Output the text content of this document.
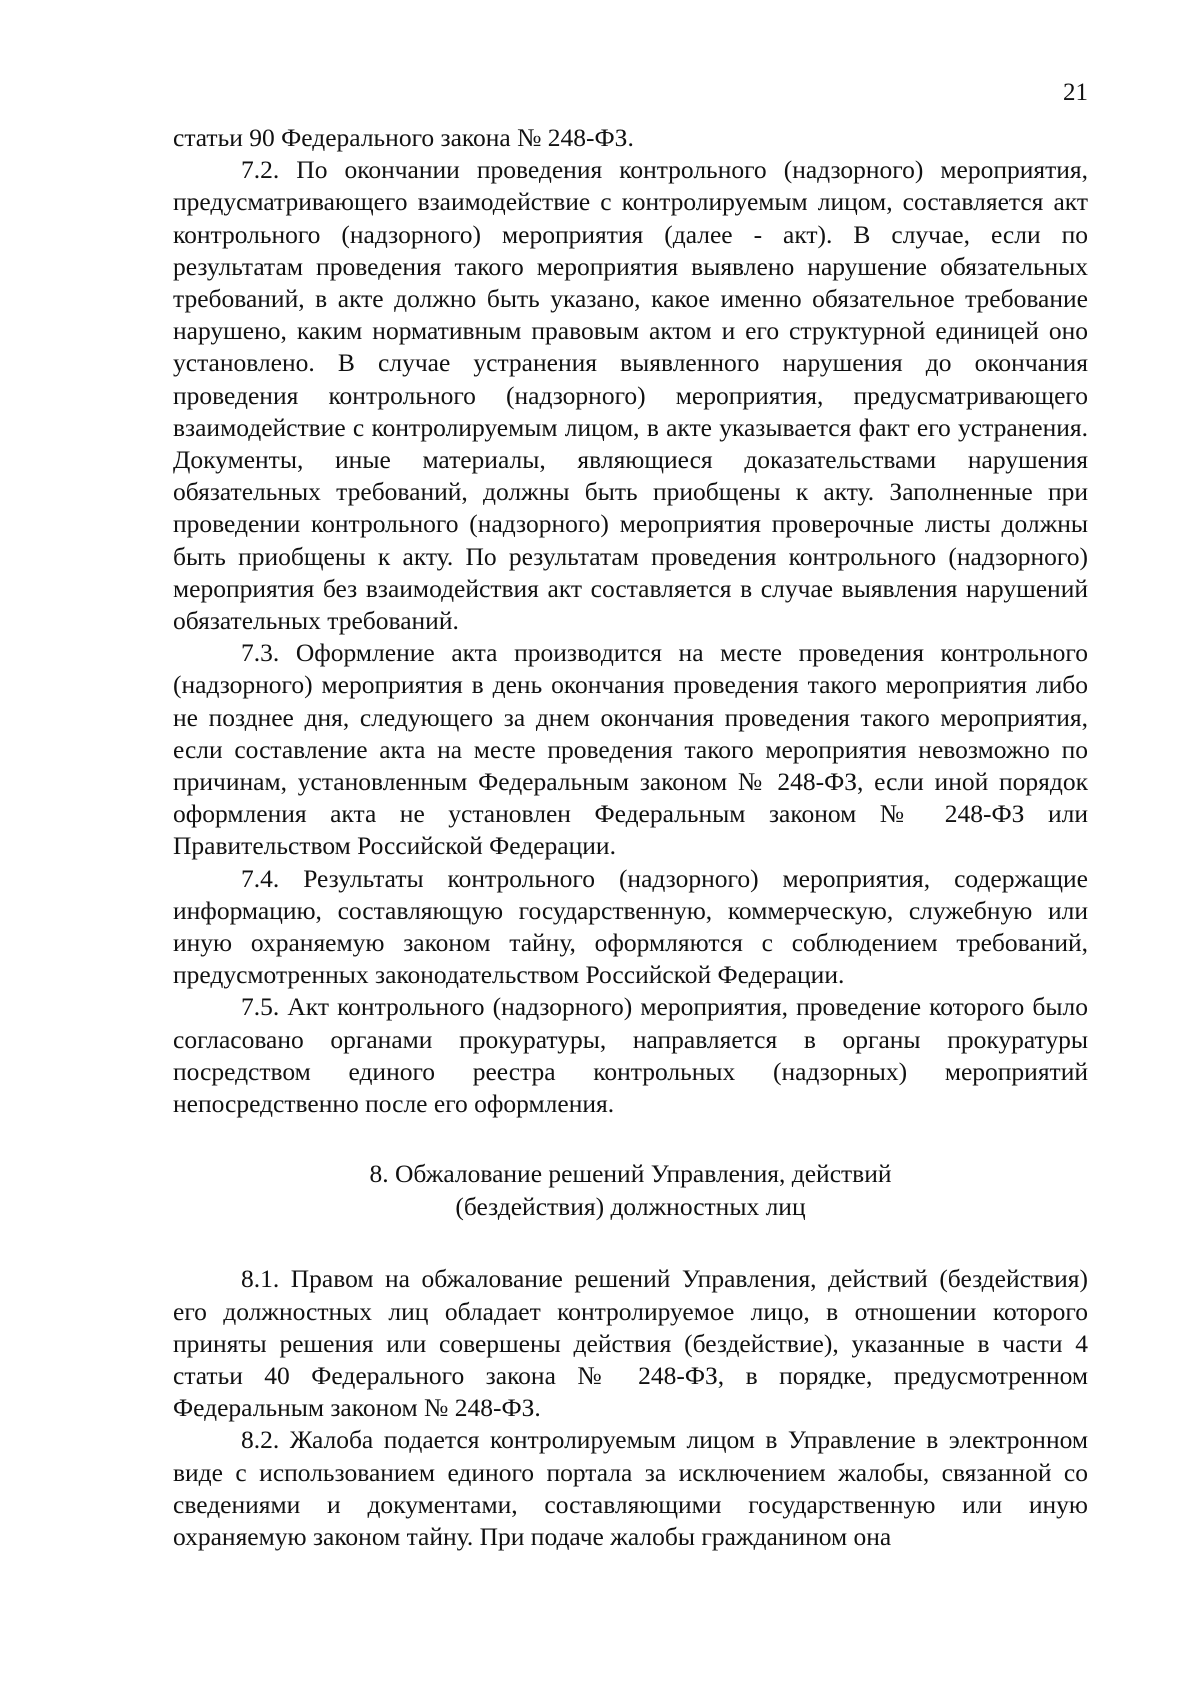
21

статьи 90 Федерального закона № 248-ФЗ.

7.2. По окончании проведения контрольного (надзорного) мероприятия, предусматривающего взаимодействие с контролируемым лицом, составляется акт контрольного (надзорного) мероприятия (далее - акт). В случае, если по результатам проведения такого мероприятия выявлено нарушение обязательных требований, в акте должно быть указано, какое именно обязательное требование нарушено, каким нормативным правовым актом и его структурной единицей оно установлено. В случае устранения выявленного нарушения до окончания проведения контрольного (надзорного) мероприятия, предусматривающего взаимодействие с контролируемым лицом, в акте указывается факт его устранения. Документы, иные материалы, являющиеся доказательствами нарушения обязательных требований, должны быть приобщены к акту. Заполненные при проведении контрольного (надзорного) мероприятия проверочные листы должны быть приобщены к акту. По результатам проведения контрольного (надзорного) мероприятия без взаимодействия акт составляется в случае выявления нарушений обязательных требований.

7.3. Оформление акта производится на месте проведения контрольного (надзорного) мероприятия в день окончания проведения такого мероприятия либо не позднее дня, следующего за днем окончания проведения такого мероприятия, если составление акта на месте проведения такого мероприятия невозможно по причинам, установленным Федеральным законом № 248-ФЗ, если иной порядок оформления акта не установлен Федеральным законом № 248-ФЗ или Правительством Российской Федерации.

7.4. Результаты контрольного (надзорного) мероприятия, содержащие информацию, составляющую государственную, коммерческую, служебную или иную охраняемую законом тайну, оформляются с соблюдением требований, предусмотренных законодательством Российской Федерации.

7.5. Акт контрольного (надзорного) мероприятия, проведение которого было согласовано органами прокуратуры, направляется в органы прокуратуры посредством единого реестра контрольных (надзорных) мероприятий непосредственно после его оформления.

8. Обжалование решений Управления, действий
(бездействия) должностных лиц

8.1. Правом на обжалование решений Управления, действий (бездействия) его должностных лиц обладает контролируемое лицо, в отношении которого приняты решения или совершены действия (бездействие), указанные в части 4 статьи 40 Федерального закона № 248-ФЗ, в порядке, предусмотренном Федеральным законом № 248-ФЗ.

8.2. Жалоба подается контролируемым лицом в Управление в электронном виде с использованием единого портала за исключением жалобы, связанной со сведениями и документами, составляющими государственную или иную охраняемую законом тайну. При подаче жалобы гражданином она
